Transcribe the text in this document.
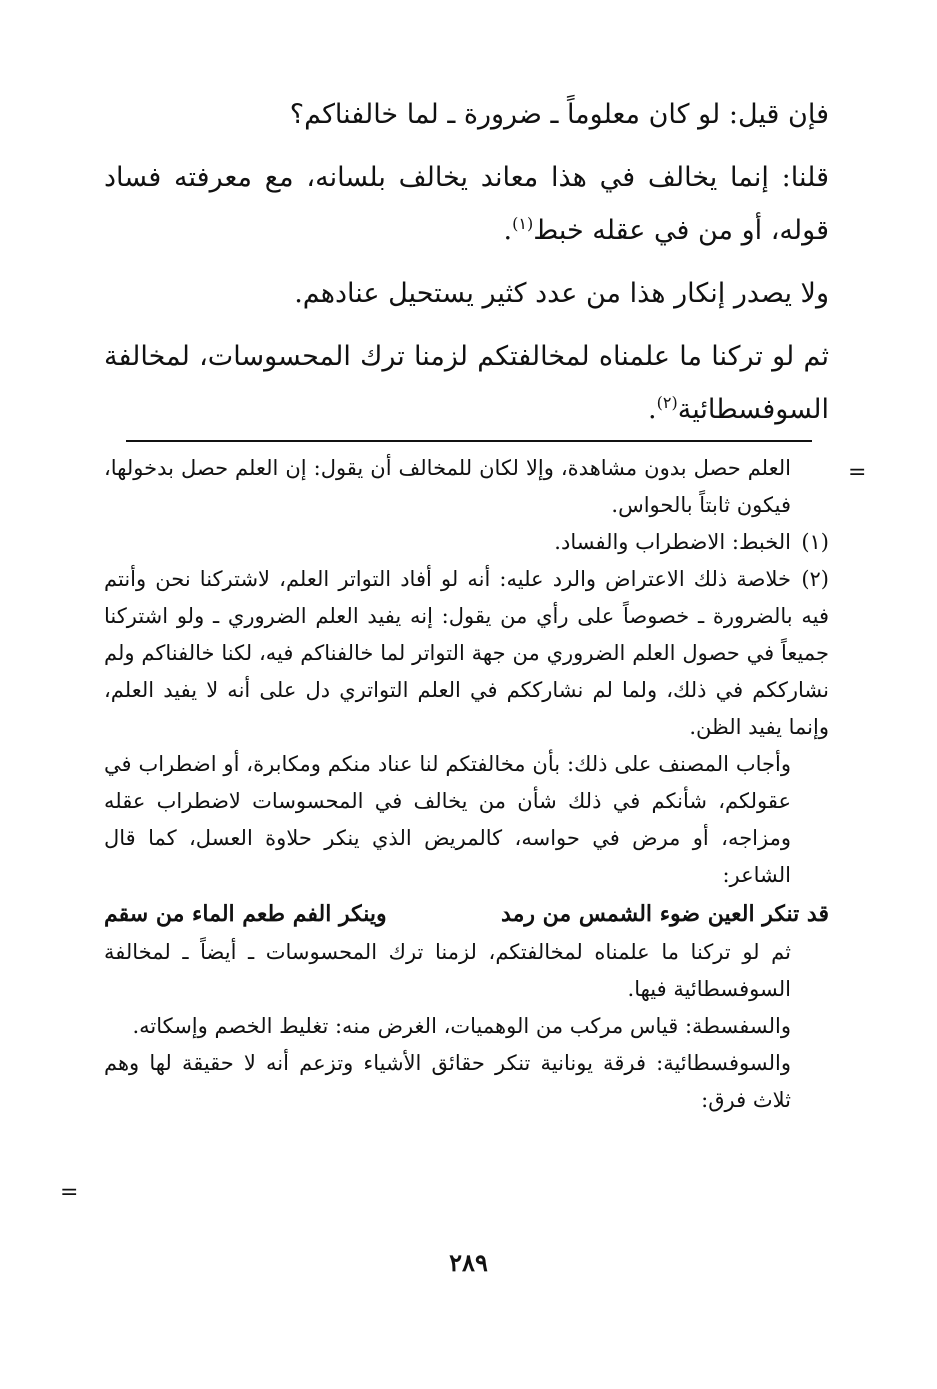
=

فإن قيل: لو كان معلوماً ـ ضرورة ـ لما خالفناكم؟

قلنا: إنما يخالف في هذا معاند يخالف بلسانه، مع معرفته فساد قوله، أو من في عقله خبط$^{(١)}$.

ولا يصدر إنكار هذا من عدد كثير يستحيل عنادهم.

ثم لو تركنا ما علمناه لمخالفتكم لزمنا ترك المحسوسات، لمخالفة السوفسطائية$^{(٢)}$.

العلم حصل بدون مشاهدة، وإلا لكان للمخالف أن يقول: إن العلم حصل بدخولها، فيكون ثابتاً بالحواس.

(١)الخبط: الاضطراب والفساد.

(٢)خلاصة ذلك الاعتراض والرد عليه: أنه لو أفاد التواتر العلم، لاشتركنا نحن وأنتم فيه بالضرورة ـ خصوصاً على رأي من يقول: إنه يفيد العلم الضروري ـ ولو اشتركنا جميعاً في حصول العلم الضروري من جهة التواتر لما خالفناكم فيه، لكنا خالفناكم ولم نشارككم في ذلك، ولما لم نشارككم في العلم التواتري دل على أنه لا يفيد العلم، وإنما يفيد الظن.

وأجاب المصنف على ذلك: بأن مخالفتكم لنا عناد منكم ومكابرة، أو اضطراب في عقولكم، شأنكم في ذلك شأن من يخالف في المحسوسات لاضطراب عقله ومزاجه، أو مرض في حواسه، كالمريض الذي ينكر حلاوة العسل، كما قال الشاعر:

قد تنكر العين ضوء الشمس من رمد
وينكر الفم طعم الماء من سقم

ثم لو تركنا ما علمناه لمخالفتكم، لزمنا ترك المحسوسات ـ أيضاً ـ لمخالفة السوفسطائية فيها.

والسفسطة: قياس مركب من الوهميات، الغرض منه: تغليط الخصم وإسكاته.

والسوفسطائية: فرقة يونانية تنكر حقائق الأشياء وتزعم أنه لا حقيقة لها وهم ثلاث فرق:

=
٢٨٩
